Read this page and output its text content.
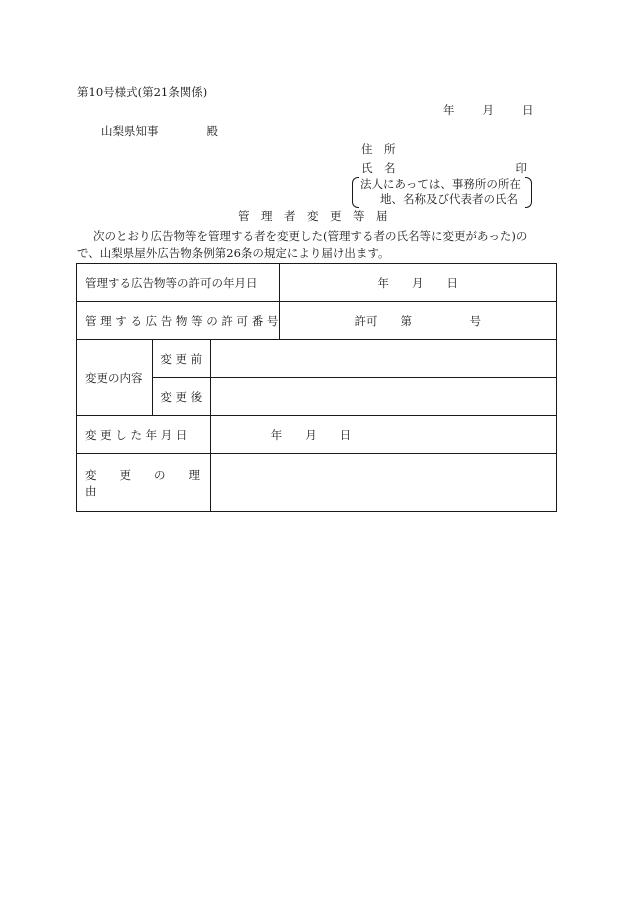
第10号様式(第21条関係)
年 月 日
山梨県知事	殿
住　所
氏　名	印
法人にあっては、事務所の所在
地、名称及び代表者の氏名
管　理　者　変　更　等　届
次のとおり広告物等を管理する者を変更した(管理する者の氏名等に変更があった)の
で、山梨県屋外広告物条例第26条の規定により届け出ます。
管理する広告物等の許可の年月日			年　　月　　日
管 理 す る 広 告 物 等 の 許 可 番 号			許可　　第　　　　　号
変更の内容	変 更 前		
	変 更 後		
変 更 し た 年 月 日		年　　月　　日	
変　　更　　の　　理　　由			
